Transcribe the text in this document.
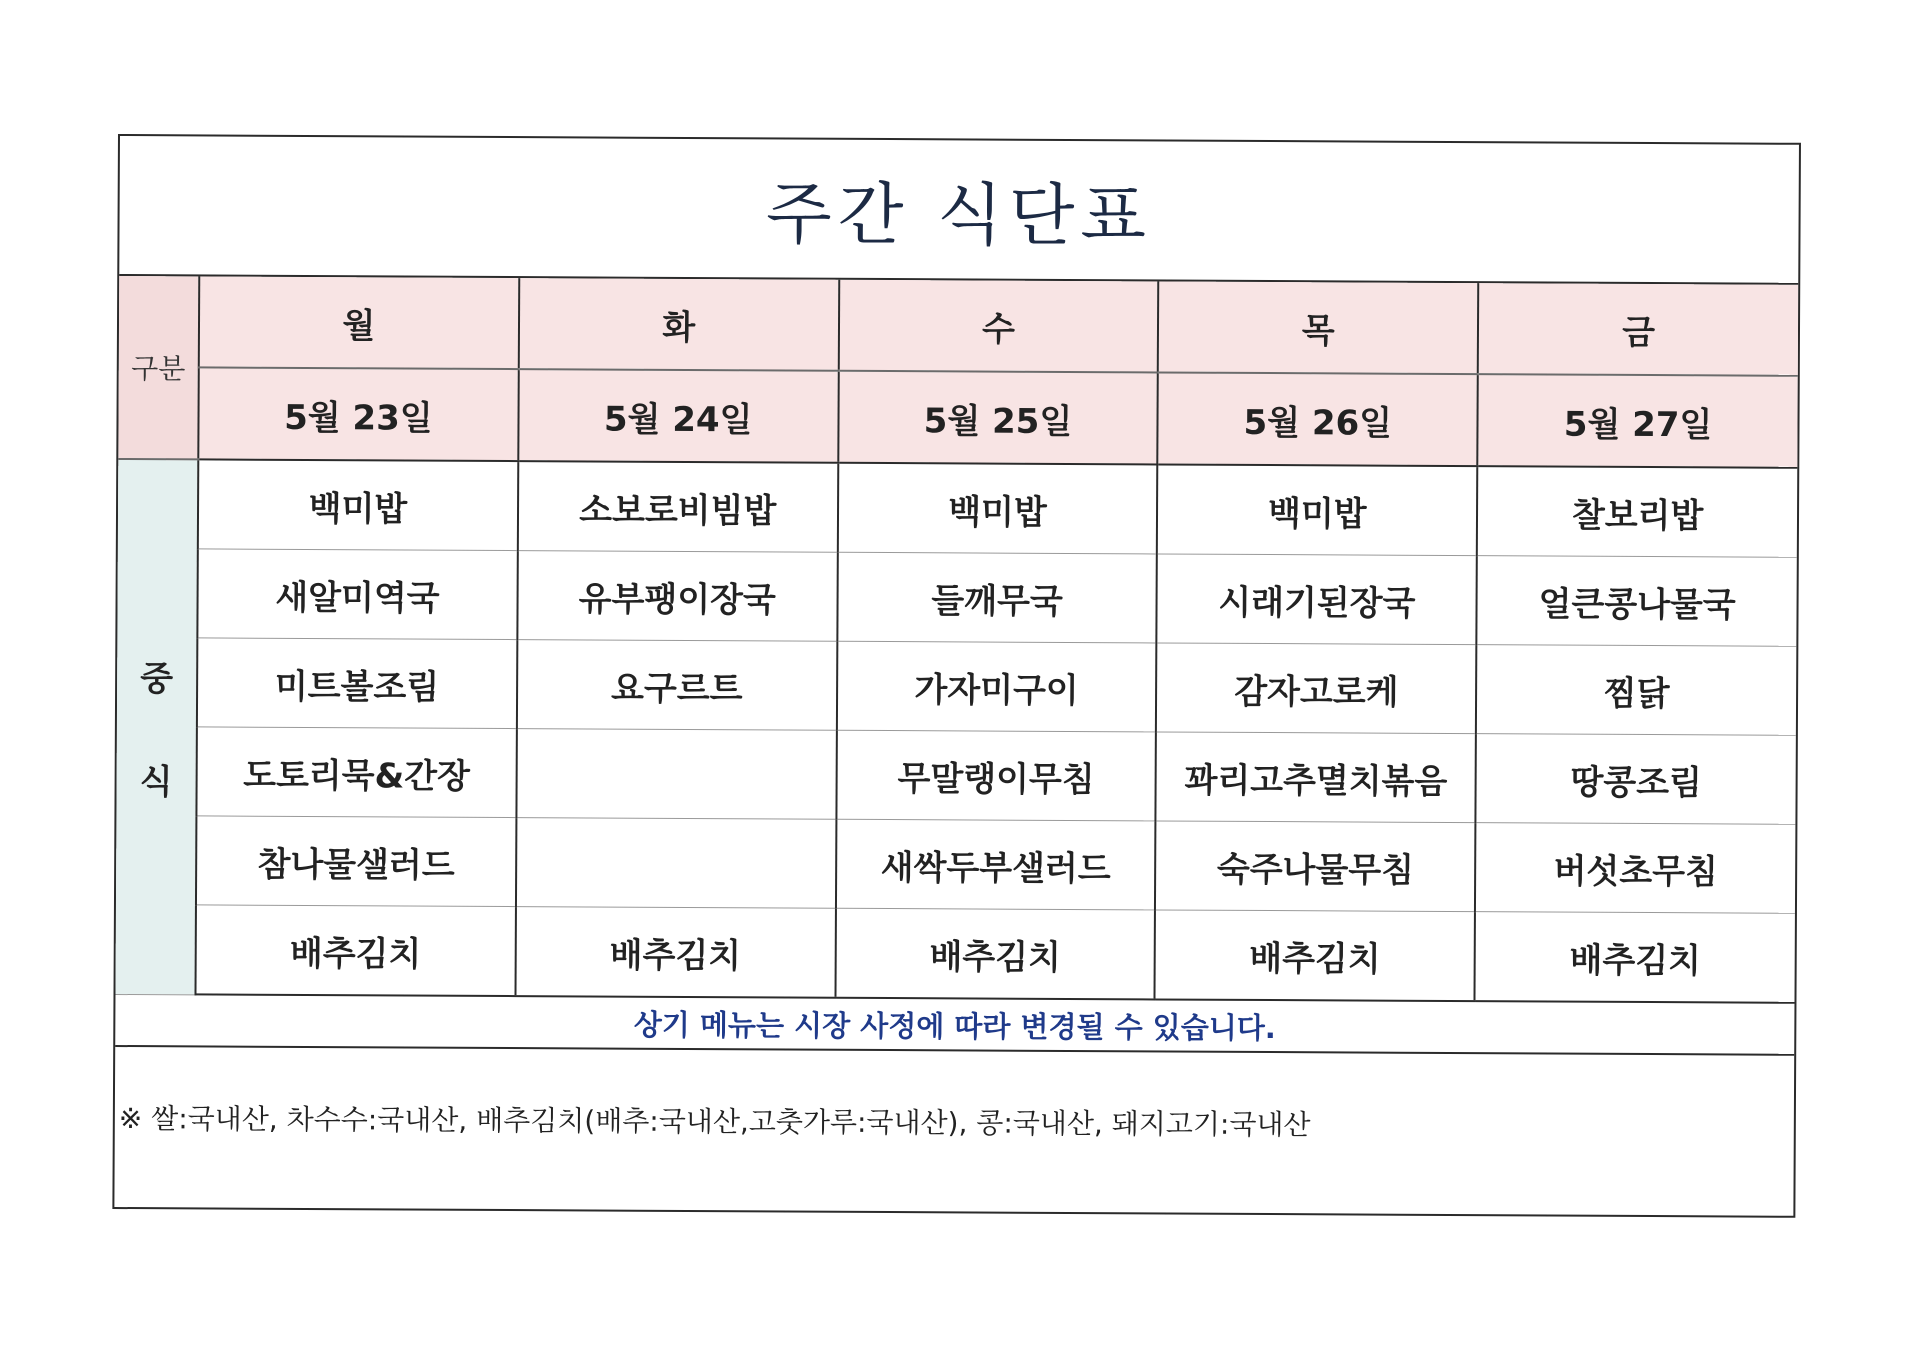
주간 식단표
구분	월	화	수	목	금
	5월 23일	5월 24일	5월 25일	5월 26일	5월 27일

중
식	백미밥	소보로비빔밥	백미밥	백미밥	찰보리밥
	새알미역국	유부팽이장국	들깨무국	시래기된장국	얼큰콩나물국
	미트볼조림	요구르트	가자미구이	감자고로케	찜닭
	도토리묵&간장		무말랭이무침	꽈리고추멸치볶음	땅콩조림
	참나물샐러드		새싹두부샐러드	숙주나물무침	버섯초무침
	배추김치	배추김치	배추김치	배추김치	배추김치
상기 메뉴는 시장 사정에 따라 변경될 수 있습니다.
※ 쌀:국내산, 차수수:국내산, 배추김치(배추:국내산,고춧가루:국내산), 콩:국내산, 돼지고기:국내산
